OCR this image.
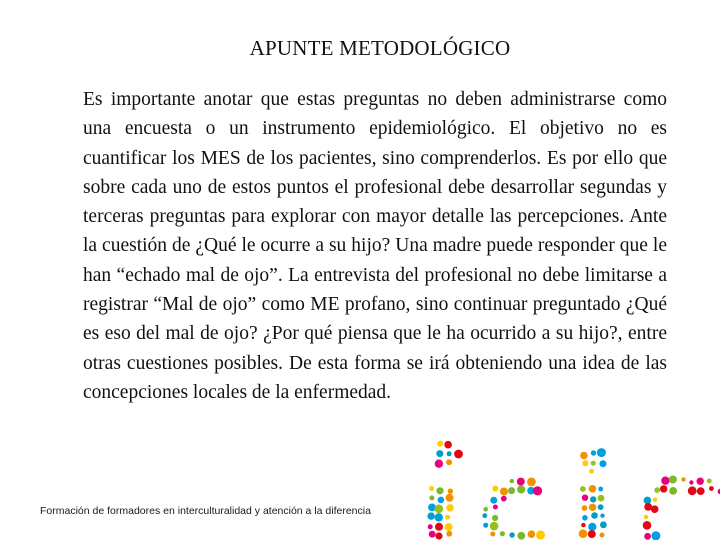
APUNTE METODOLÓGICO

Es importante anotar que estas preguntas no deben administrarse como una encuesta o un instrumento epidemiológico. El objetivo no es cuantificar los MES de los pacientes, sino comprenderlos. Es por ello que sobre cada uno de estos puntos el profesional debe desarrollar segundas y terceras preguntas para explorar con mayor detalle las percepciones. Ante la cuestión de ¿Qué le ocurre a su hijo? Una madre puede responder que le han “echado mal de ojo”. La entrevista del profesional no debe limitarse a registrar “Mal de ojo” como ME profano, sino continuar preguntado ¿Qué es eso del mal de ojo? ¿Por qué piensa que le ha ocurrido a su hijo?, entre otras cuestiones posibles. De esta forma se irá obteniendo una idea de las concepciones locales de la enfermedad.

Formación de formadores en interculturalidad y atención a la diferencia
